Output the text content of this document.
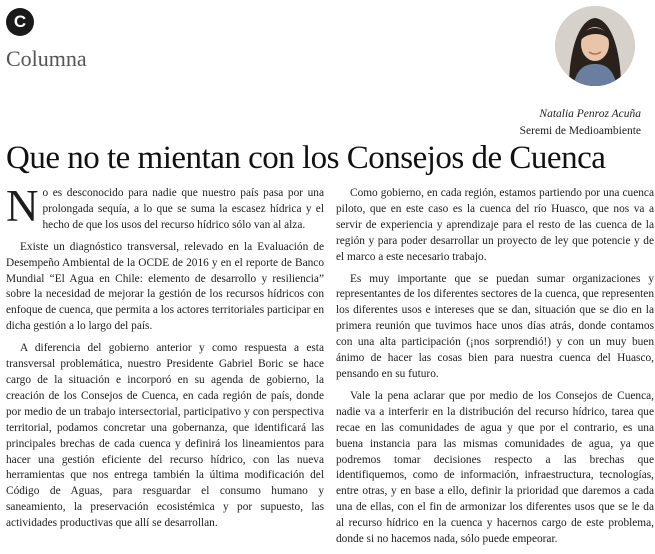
C
Columna
Natalia Penroz Acuña
Seremi de Medioambiente
Que no te mientan con los Consejos de Cuenca

No es desconocido para nadie que nuestro país pasa por una prolongada sequía, a lo que se suma la escasez hídrica y el hecho de que los usos del recurso hídrico sólo van al alza.

Existe un diagnóstico transversal, relevado en la Evaluación de Desempeño Ambiental de la OCDE de 2016 y en el reporte de Banco Mundial “El Agua en Chile: elemento de desarrollo y resiliencia” sobre la necesidad de mejorar la gestión de los recursos hídricos con enfoque de cuenca, que permita a los actores territoriales participar en dicha gestión a lo largo del país.

A diferencia del gobierno anterior y como respuesta a esta transversal problemática, nuestro Presidente Gabriel Boric se hace cargo de la situación e incorporó en su agenda de gobierno, la creación de los Consejos de Cuenca, en cada región de país, donde por medio de un trabajo intersectorial, participativo y con perspectiva territorial, podamos concretar una gobernanza, que identificará las principales brechas de cada cuenca y definirá los lineamientos para hacer una gestión eficiente del recurso hídrico, con las nueva herramientas que nos entrega también la última modificación del Código de Aguas, para resguardar el consumo humano y saneamiento, la preservación ecosistémica y por supuesto, las actividades productivas que allí se desarrollan.

Como gobierno, en cada región, estamos partiendo por una cuenca piloto, que en este caso es la cuenca del río Huasco, que nos va a servir de experiencia y aprendizaje para el resto de las cuenca de la región y para poder desarrollar un proyecto de ley que potencie y de el marco a este necesario trabajo.

Es muy importante que se puedan sumar organizaciones y representantes de los diferentes sectores de la cuenca, que representen los diferentes usos e intereses que se dan, situación que se dio en la primera reunión que tuvimos hace unos días atrás, donde contamos con una alta participación (¡nos sorprendió!) y con un muy buen ánimo de hacer las cosas bien para nuestra cuenca del Huasco, pensando en su futuro.

Vale la pena aclarar que por medio de los Consejos de Cuenca, nadie va a interferir en la distribución del recurso hídrico, tarea que recae en las comunidades de agua y que por el contrario, es una buena instancia para las mismas comunidades de agua, ya que podremos tomar decisiones respecto a las brechas que identifiquemos, como de información, infraestructura, tecnologías, entre otras, y en base a ello, definir la prioridad que daremos a cada una de ellas, con el fin de armonizar los diferentes usos que se le da al recurso hídrico en la cuenca y hacernos cargo de este problema, donde si no hacemos nada, sólo puede empeorar.
